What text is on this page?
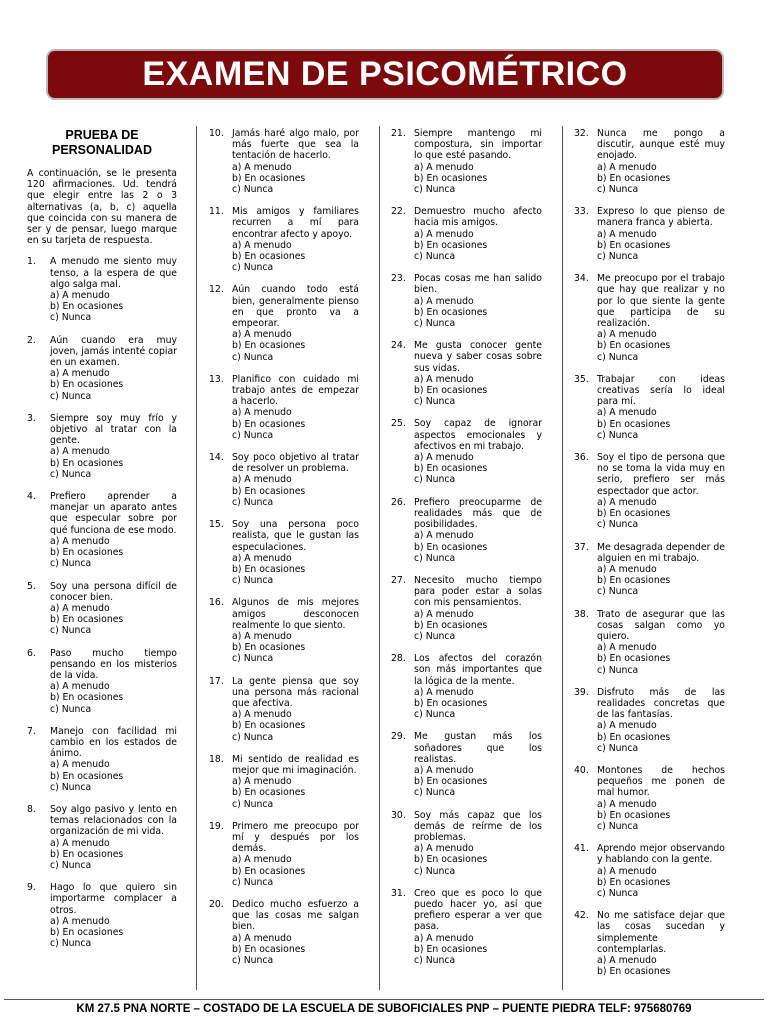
EXAMEN DE PSICOMÉTRICO
PRUEBA DE PERSONALIDAD
A continuación, se le presenta 120 afirmaciones. Ud. tendrá que elegir entre las 2 o 3 alternativas (a, b, c) aquella que coincida con su manera de ser y de pensar, luego marque en su tarjeta de respuesta.
1.	A menudo me siento muy tenso, a la espera de que algo salga mal.
a) A menudo
b) En ocasiones
c) Nunca
2.	Aún cuando era muy joven, jamás intenté copiar en un examen.
a) A menudo
b) En ocasiones
c) Nunca
3.	Siempre soy muy frío y objetivo al tratar con la gente.
a) A menudo
b) En ocasiones
c) Nunca
4.	Prefiero aprender a manejar un aparato antes que especular sobre por qué funciona de ese modo.
a) A menudo
b) En ocasiones
c) Nunca
5.	Soy una persona difícil de conocer bien.
a) A menudo
b) En ocasiones
c) Nunca
6.	Paso mucho tiempo pensando en los misterios de la vida.
a) A menudo
b) En ocasiones
c) Nunca
7.	Manejo con facilidad mi cambio en los estados de ánimo.
a) A menudo
b) En ocasiones
c) Nunca
8.	Soy algo pasivo y lento en temas relacionados con la organización de mi vida.
a) A menudo
b) En ocasiones
c) Nunca
9.	Hago lo que quiero sin importarme complacer a otros.
a) A menudo
b) En ocasiones
c) Nunca
10. Jamás haré algo malo, por más fuerte que sea la tentación de hacerlo.
a) A menudo
b) En ocasiones
c) Nunca
11. Mis amigos y familiares recurren a mí para encontrar afecto y apoyo.
a) A menudo
b) En ocasiones
c) Nunca
12. Aún cuando todo está bien, generalmente pienso en que pronto va a empeorar.
a) A menudo
b) En ocasiones
c) Nunca
13. Planifico con cuidado mi trabajo antes de empezar a hacerlo.
a) A menudo
b) En ocasiones
c) Nunca
14. Soy poco objetivo al tratar de resolver un problema.
a) A menudo
b) En ocasiones
c) Nunca
15. Soy una persona poco realista, que le gustan las especulaciones.
a) A menudo
b) En ocasiones
c) Nunca
16. Algunos de mis mejores amigos desconocen realmente lo que siento.
a) A menudo
b) En ocasiones
c) Nunca
17. La gente piensa que soy una persona más racional que afectiva.
a) A menudo
b) En ocasiones
c) Nunca
18. Mi sentido de realidad es mejor que mi imaginación.
a) A menudo
b) En ocasiones
c) Nunca
19. Primero me preocupo por mí y después por los demás.
a) A menudo
b) En ocasiones
c) Nunca
20. Dedico mucho esfuerzo a que las cosas me salgan bien.
a) A menudo
b) En ocasiones
c) Nunca
21. Siempre mantengo mi compostura, sin importar lo que esté pasando.
a) A menudo
b) En ocasiones
c) Nunca
22. Demuestro mucho afecto hacia mis amigos.
a) A menudo
b) En ocasiones
c) Nunca
23. Pocas cosas me han salido bien.
a) A menudo
b) En ocasiones
c) Nunca
24. Me gusta conocer gente nueva y saber cosas sobre sus vidas.
a) A menudo
b) En ocasiones
c) Nunca
25. Soy capaz de ignorar aspectos emocionales y afectivos en mi trabajo.
a) A menudo
b) En ocasiones
c) Nunca
26. Prefiero preocuparme de realidades más que de posibilidades.
a) A menudo
b) En ocasiones
c) Nunca
27. Necesito mucho tiempo para poder estar a solas con mis pensamientos.
a) A menudo
b) En ocasiones
c) Nunca
28. Los afectos del corazón son más importantes que la lógica de la mente.
a) A menudo
b) En ocasiones
c) Nunca
29. Me gustan más los soñadores que los realistas.
a) A menudo
b) En ocasiones
c) Nunca
30. Soy más capaz que los demás de reírme de los problemas.
a) A menudo
b) En ocasiones
c) Nunca
31. Creo que es poco lo que puedo hacer yo, así que prefiero esperar a ver que pasa.
a) A menudo
b) En ocasiones
c) Nunca
32. Nunca me pongo a discutir, aunque esté muy enojado.
a) A menudo
b) En ocasiones
c) Nunca
33. Expreso lo que pienso de manera franca y abierta.
a) A menudo
b) En ocasiones
c) Nunca
34. Me preocupo por el trabajo que hay que realizar y no por lo que siente la gente que participa de su realización.
a) A menudo
b) En ocasiones
c) Nunca
35. Trabajar con ideas creativas sería lo ideal para mí.
a) A menudo
b) En ocasiones
c) Nunca
36. Soy el tipo de persona que no se toma la vida muy en serio, prefiero ser más espectador que actor.
a) A menudo
b) En ocasiones
c) Nunca
37. Me desagrada depender de alguien en mi trabajo.
a) A menudo
b) En ocasiones
c) Nunca
38. Trato de asegurar que las cosas salgan como yo quiero.
a) A menudo
b) En ocasiones
c) Nunca
39. Disfruto más de las realidades concretas que de las fantasías.
a) A menudo
b) En ocasiones
c) Nunca
40. Montones de hechos pequeños me ponen de mal humor.
a) A menudo
b) En ocasiones
c) Nunca
41. Aprendo mejor observando y hablando con la gente.
a) A menudo
b) En ocasiones
c) Nunca
42. No me satisface dejar que las cosas sucedan y simplemente contemplarlas.
a) A menudo
b) En ocasiones
KM 27.5 PNA NORTE – COSTADO DE LA ESCUELA DE SUBOFICIALES PNP – PUENTE PIEDRA TELF: 975680769
